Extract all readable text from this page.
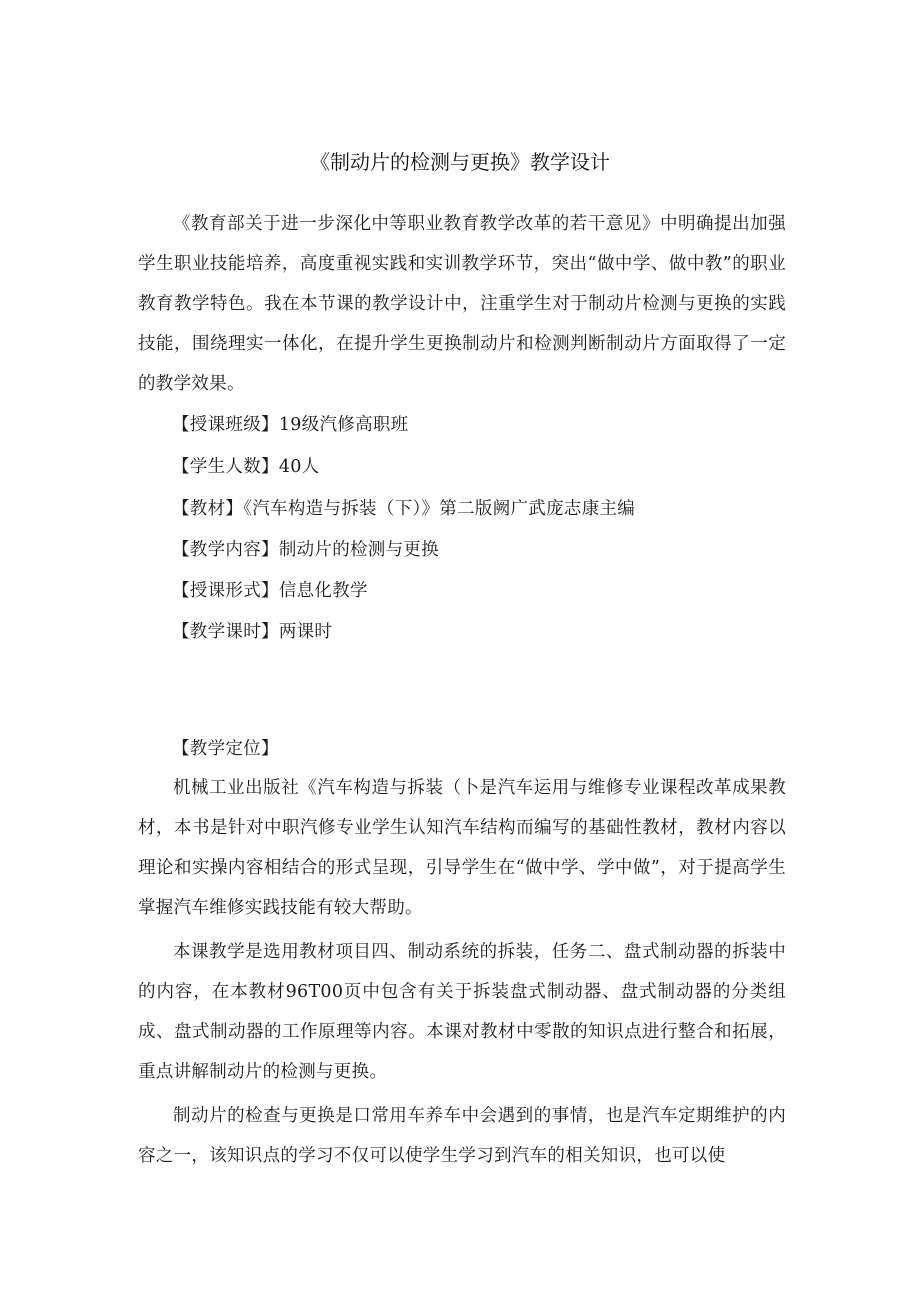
《制动片的检测与更换》教学设计
《教育部关于进一步深化中等职业教育教学改革的若干意见》中明确提出加强学生职业技能培养，高度重视实践和实训教学环节，突出“做中学、做中教”的职业教育教学特色。我在本节课的教学设计中，注重学生对于制动片检测与更换的实践技能，围绕理实一体化，在提升学生更换制动片和检测判断制动片方面取得了一定的教学效果。
【授课班级】19级汽修高职班
【学生人数】40人
【教材】《汽车构造与拆装（下）》第二版阙广武庞志康主编
【教学内容】制动片的检测与更换
【授课形式】信息化教学
【教学课时】两课时
【教学定位】
机械工业出版社《汽车构造与拆装（卜是汽车运用与维修专业课程改革成果教材，本书是针对中职汽修专业学生认知汽车结构而编写的基础性教材，教材内容以理论和实操内容相结合的形式呈现，引导学生在“做中学、学中做”，对于提高学生掌握汽车维修实践技能有较大帮助。
本课教学是选用教材项目四、制动系统的拆装，任务二、盘式制动器的拆装中的内容，在本教材96T00页中包含有关于拆装盘式制动器、盘式制动器的分类组成、盘式制动器的工作原理等内容。本课对教材中零散的知识点进行整合和拓展，重点讲解制动片的检测与更换。
制动片的检查与更换是口常用车养车中会遇到的事情，也是汽车定期维护的内容之一，该知识点的学习不仅可以使学生学习到汽车的相关知识，也可以使
